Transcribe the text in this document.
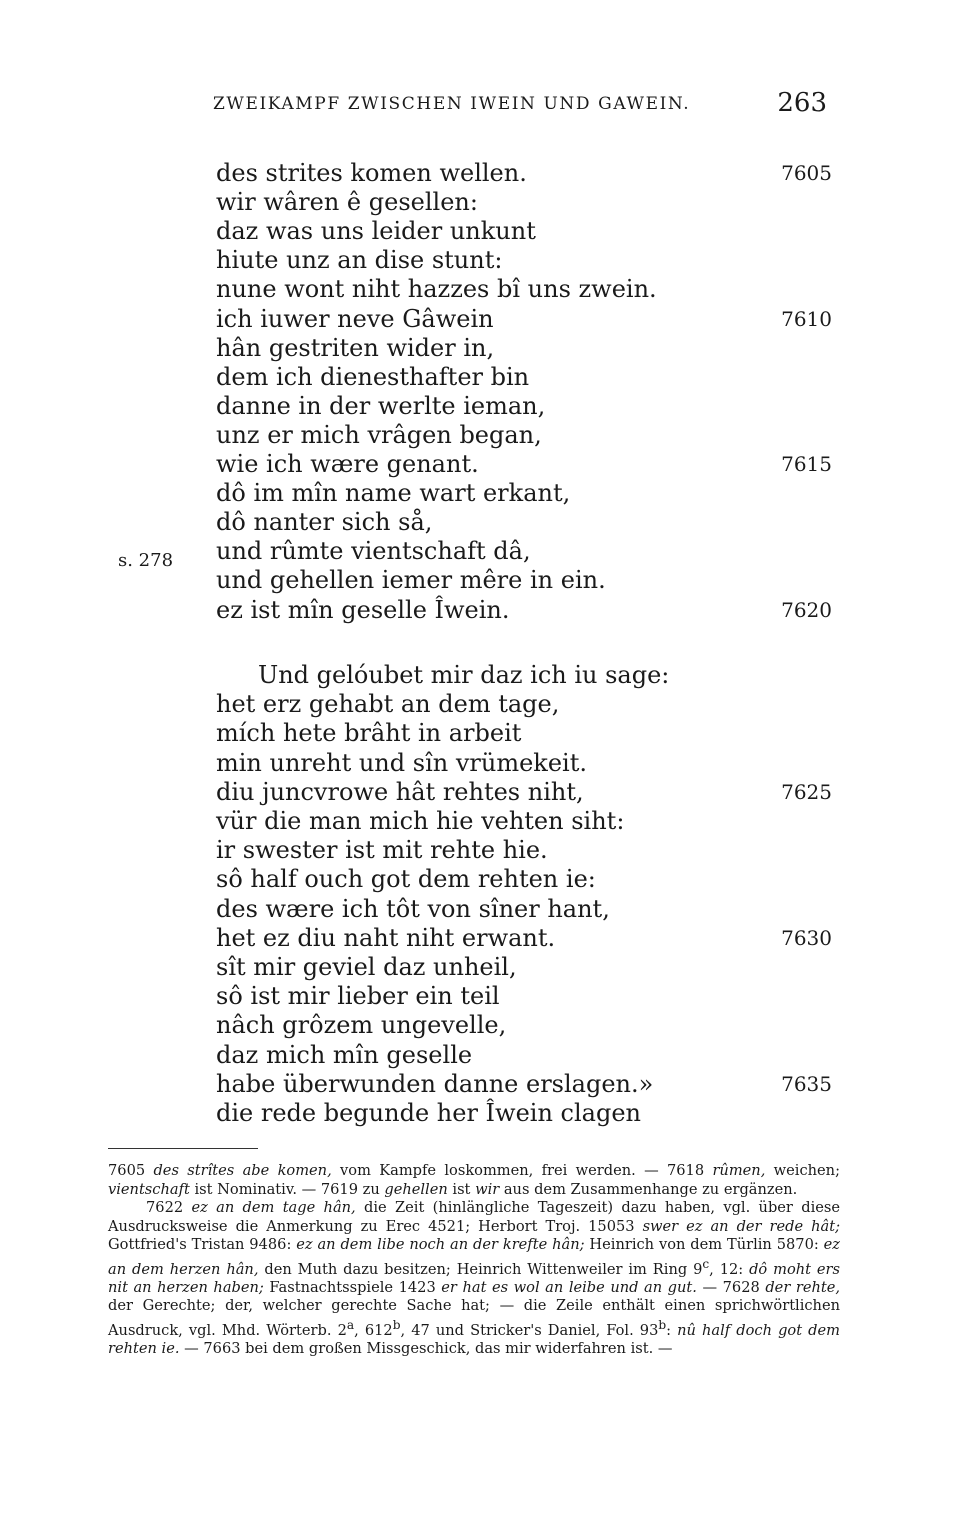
ZWEIKAMPF ZWISCHEN IWEIN UND GAWEIN.	263
s. 278
des strites komen wellen.	7605
wir wâren ê gesellen:
daz was uns leider unkunt
hiute unz an dise stunt:
nune wont niht hazzes bî uns zwein.
ich iuwer neve Gâwein	7610
hân gestriten wider in,
dem ich dienesthafter bin
danne in der werlte ieman,
unz er mich vrâgen began,
wie ich wære genant.	7615
dô im mîn name wart erkant,
dô nanter sich så,
und rûmte vientschaft dâ,
und gehellen iemer mêre in ein.
ez ist mîn geselle Îwein.	7620
Und gelóubet mir daz ich iu sage:
het erz gehabt an dem tage,
mích hete brâht in arbeit
min unreht und sîn vrümekeit.
diu juncvrowe hât rehtes niht,	7625
vür die man mich hie vehten siht:
ir swester ist mit rehte hie.
sô half ouch got dem rehten ie:
des wære ich tôt von sîner hant,
het ez diu naht niht erwant.	7630
sît mir geviel daz unheil,
sô ist mir lieber ein teil
nâch grôzem ungevelle,
daz mich mîn geselle
habe überwunden danne erslagen.»	7635
die rede begunde her Îwein clagen

7605 des strîtes abe komen, vom Kampfe loskommen, frei werden. — 7618 rûmen, weichen; vientschaft ist Nominativ. — 7619 zu gehellen ist wir aus dem Zusammenhange zu ergänzen.

7622 ez an dem tage hân, die Zeit (hinlängliche Tageszeit) dazu haben, vgl. über diese Ausdrucksweise die Anmerkung zu Erec 4521; Herbort Troj. 15053 swer ez an der rede hât; Gottfried's Tristan 9486: ez an dem libe noch an der krefte hân; Heinrich von dem Türlin 5870: ez an dem herzen hân, den Muth dazu besitzen; Heinrich Wittenweiler im Ring 9$^c$, 12: dô moht ers nit an herzen haben; Fastnachtsspiele 1423 er hat es wol an leibe und an gut. — 7628 der rehte, der Gerechte; der, welcher gerechte Sache hat; — die Zeile enthält einen sprichwörtlichen Ausdruck, vgl. Mhd. Wörterb. 2$^a$, 612$^b$, 47 und Stricker's Daniel, Fol. 93$^b$: nû half doch got dem rehten ie. — 7663 bei dem großen Missgeschick, das mir widerfahren ist. —
